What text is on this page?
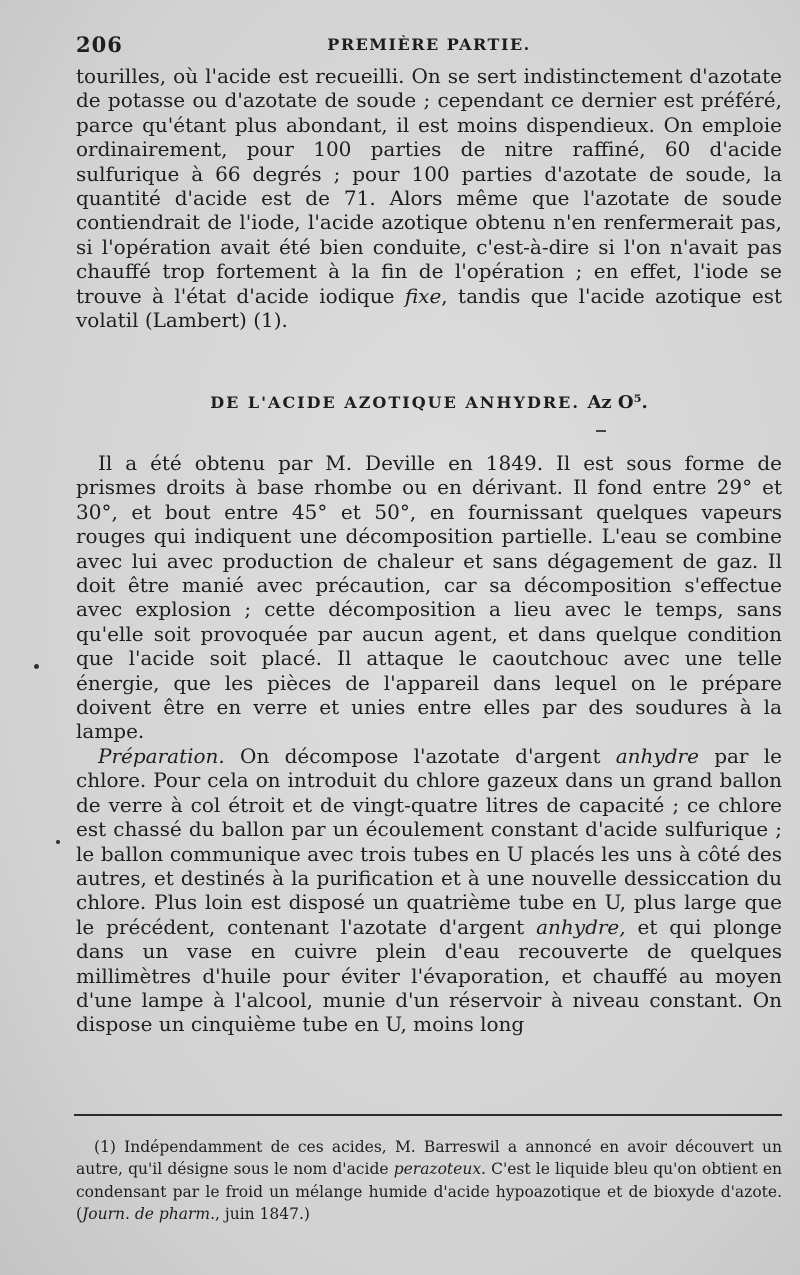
206	PREMIÈRE PARTIE.

tourilles, où l'acide est recueilli. On se sert indistinctement d'azotate de potasse ou d'azotate de soude ; cependant ce dernier est préféré, parce qu'étant plus abondant, il est moins dispendieux. On emploie ordinairement, pour 100 parties de nitre raffiné, 60 d'acide sulfurique à 66 degrés ; pour 100 parties d'azotate de soude, la quantité d'acide est de 71. Alors même que l'azotate de soude contiendrait de l'iode, l'acide azotique obtenu n'en renfermerait pas, si l'opération avait été bien conduite, c'est-à-dire si l'on n'avait pas chauffé trop fortement à la fin de l'opération ; en effet, l'iode se trouve à l'état d'acide iodique fixe, tandis que l'acide azotique est volatil (Lambert) (1).

DE L'ACIDE AZOTIQUE ANHYDRE. Az O⁵.

Il a été obtenu par M. Deville en 1849. Il est sous forme de prismes droits à base rhombe ou en dérivant. Il fond entre 29° et 30°, et bout entre 45° et 50°, en fournissant quelques vapeurs rouges qui indiquent une décomposition partielle. L'eau se combine avec lui avec production de chaleur et sans dégagement de gaz. Il doit être manié avec précaution, car sa décomposition s'effectue avec explosion ; cette décomposition a lieu avec le temps, sans qu'elle soit provoquée par aucun agent, et dans quelque condition que l'acide soit placé. Il attaque le caoutchouc avec une telle énergie, que les pièces de l'appareil dans lequel on le prépare doivent être en verre et unies entre elles par des soudures à la lampe.

Préparation. On décompose l'azotate d'argent anhydre par le chlore. Pour cela on introduit du chlore gazeux dans un grand ballon de verre à col étroit et de vingt-quatre litres de capacité ; ce chlore est chassé du ballon par un écoulement constant d'acide sulfurique ; le ballon communique avec trois tubes en U placés les uns à côté des autres, et destinés à la purification et à une nouvelle dessiccation du chlore. Plus loin est disposé un quatrième tube en U, plus large que le précédent, contenant l'azotate d'argent anhydre, et qui plonge dans un vase en cuivre plein d'eau recouverte de quelques millimètres d'huile pour éviter l'évaporation, et chauffé au moyen d'une lampe à l'alcool, munie d'un réservoir à niveau constant. On dispose un cinquième tube en U, moins long

(1) Indépendamment de ces acides, M. Barreswil a annoncé en avoir découvert un autre, qu'il désigne sous le nom d'acide perazoteux. C'est le liquide bleu qu'on obtient en condensant par le froid un mélange humide d'acide hypoazotique et de bioxyde d'azote. (Journ. de pharm., juin 1847.)
